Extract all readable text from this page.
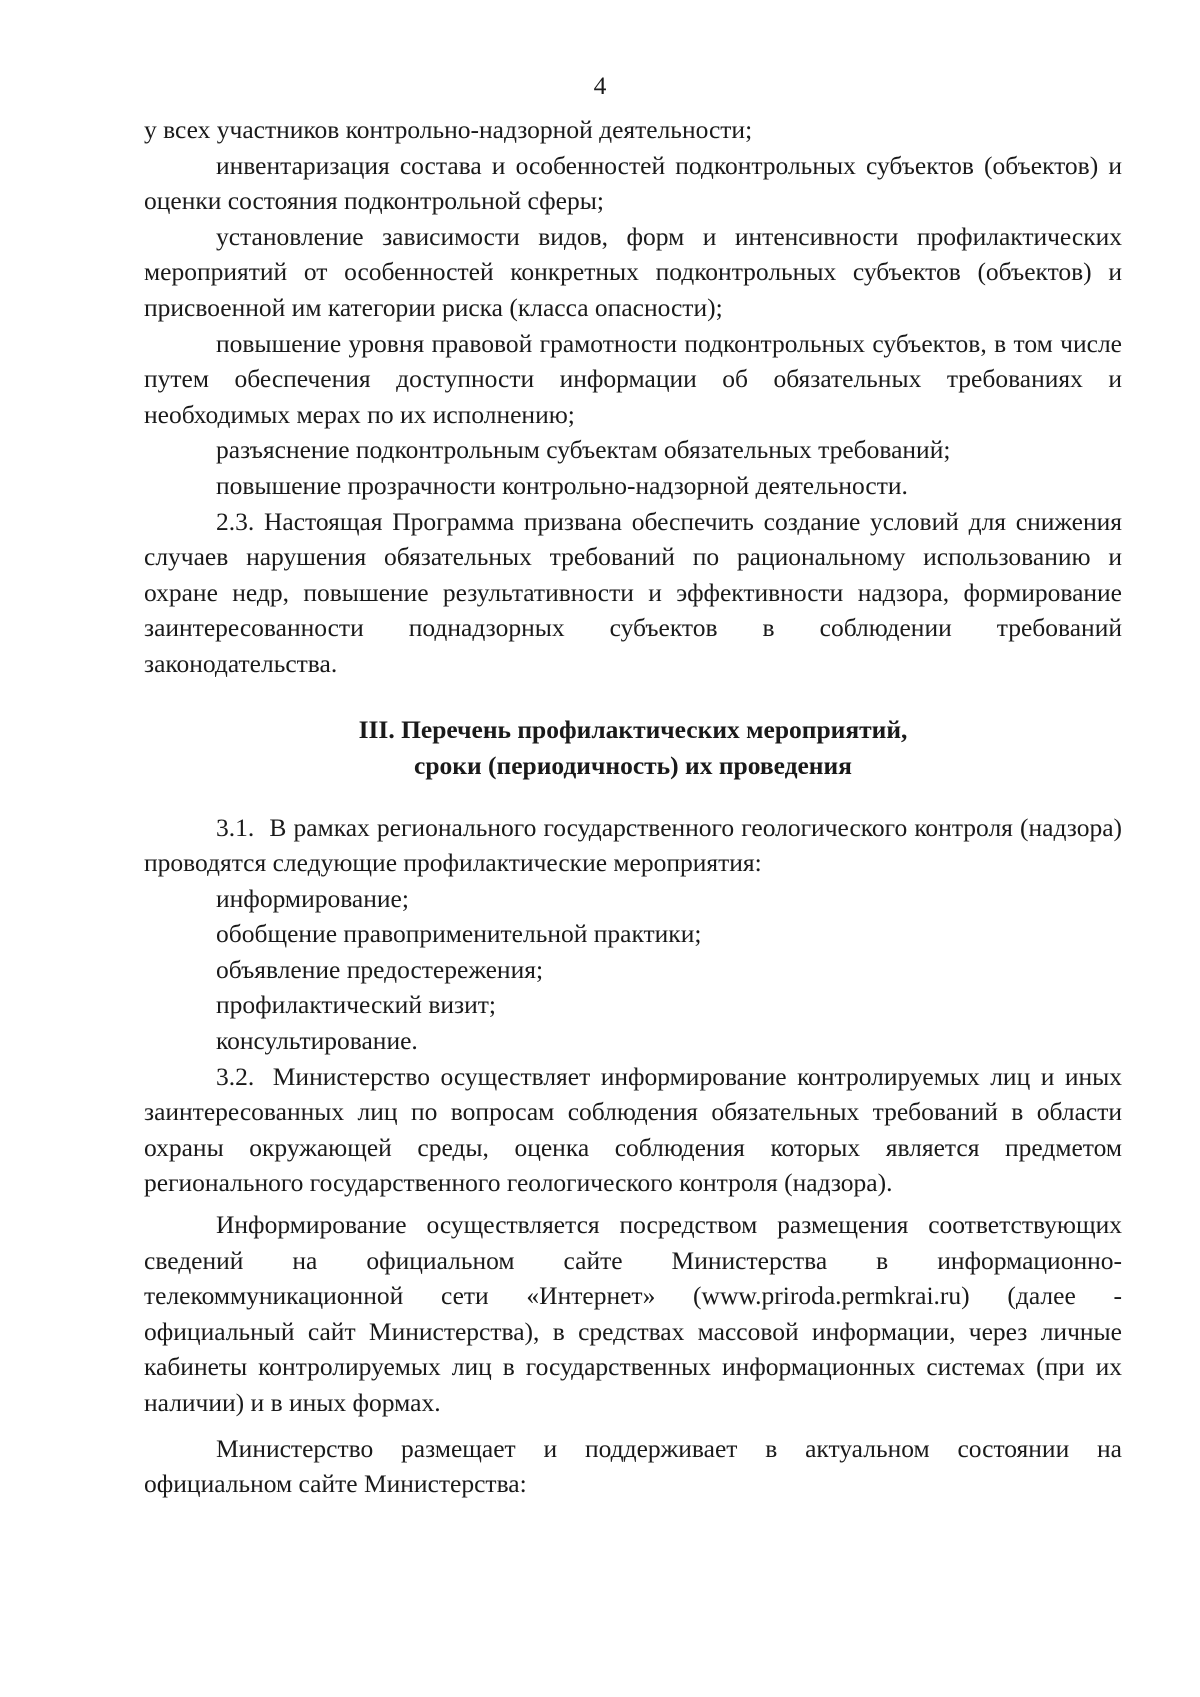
4

у всех участников контрольно-надзорной деятельности;

инвентаризация состава и особенностей подконтрольных субъектов (объектов) и оценки состояния подконтрольной сферы;

установление зависимости видов, форм и интенсивности профилактических мероприятий от особенностей конкретных подконтрольных субъектов (объектов) и присвоенной им категории риска (класса опасности);

повышение уровня правовой грамотности подконтрольных субъектов, в том числе путем обеспечения доступности информации об обязательных требованиях и необходимых мерах по их исполнению;

разъяснение подконтрольным субъектам обязательных требований;

повышение прозрачности контрольно-надзорной деятельности.

2.3. Настоящая Программа призвана обеспечить создание условий для снижения случаев нарушения обязательных требований по рациональному использованию и охране недр, повышение результативности и эффективности надзора, формирование заинтересованности поднадзорных субъектов в соблюдении требований законодательства.

III. Перечень профилактических мероприятий,
сроки (периодичность) их проведения

3.1. В рамках регионального государственного геологического контроля (надзора) проводятся следующие профилактические мероприятия:

информирование;

обобщение правоприменительной практики;

объявление предостережения;

профилактический визит;

консультирование.

3.2. Министерство осуществляет информирование контролируемых лиц и иных заинтересованных лиц по вопросам соблюдения обязательных требований в области охраны окружающей среды, оценка соблюдения которых является предметом регионального государственного геологического контроля (надзора).

Информирование осуществляется посредством размещения соответствующих сведений на официальном сайте Министерства в информационно-телекоммуникационной сети «Интернет» (www.priroda.permkrai.ru) (далее - официальный сайт Министерства), в средствах массовой информации, через личные кабинеты контролируемых лиц в государственных информационных системах (при их наличии) и в иных формах.

Министерство размещает и поддерживает в актуальном состоянии на официальном сайте Министерства:
